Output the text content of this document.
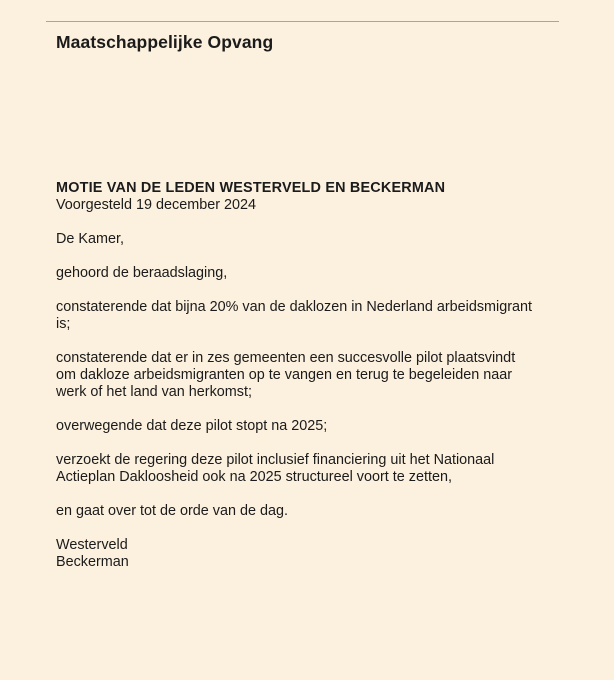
Maatschappelijke Opvang

MOTIE VAN DE LEDEN WESTERVELD EN BECKERMAN

Voorgesteld 19 december 2024

De Kamer,

gehoord de beraadslaging,

constaterende dat bijna 20% van de daklozen in Nederland arbeidsmigrant
is;

constaterende dat er in zes gemeenten een succesvolle pilot plaatsvindt
om dakloze arbeidsmigranten op te vangen en terug te begeleiden naar
werk of het land van herkomst;

overwegende dat deze pilot stopt na 2025;

verzoekt de regering deze pilot inclusief financiering uit het Nationaal
Actieplan Dakloosheid ook na 2025 structureel voort te zetten,

en gaat over tot de orde van de dag.

Westerveld
Beckerman
